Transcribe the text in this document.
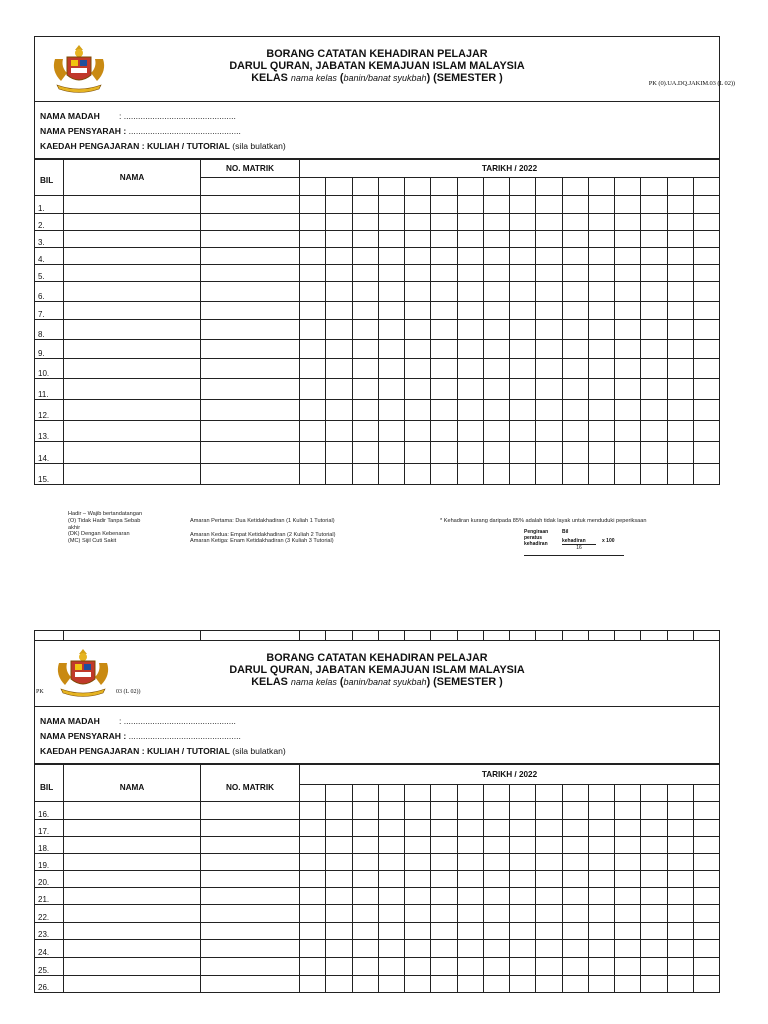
BORANG CATATAN KEHADIRAN PELAJAR
DARUL QURAN, JABATAN KEMAJUAN ISLAM MALAYSIA
KELAS nama kelas (banin/banat syukbah) (SEMESTER )	PK (0).UA.DQ.JAKIM.03 (L 02))
NAMA MADAH : ...............................................
NAMA PENSYARAH : ...............................................
KAEDAH PENGAJARAN : KULIAH / TUTORIAL (sila bulatkan)
BIL	NAMA	NO. MATRIK	TARIKH / 2022															

1.																		
2.																		
3.																		
4.																		
5.																		
6.																		
7.																		
8.																		
9.																		
10.																		
11.																		
12.																		
13.																		
14.																		
15.																		
Hadir – Wajib bertandatangan
(O) Tidak Hadir Tanpa Sebab
akhir
(DK) Dengan Kebenaran
(MC) Sijil Cuti Sakit
Amaran Pertama: Dua Ketidakhadiran (1 Kuliah 1 Tutorial)
Amaran Kedua: Empat Ketidakhadiran (2 Kuliah 2 Tutorial)
Amaran Ketiga: Enam Ketidakhadiran (3 Kuliah 3 Tutorial)
* Kehadiran kurang daripada 85% adalah tidak layak untuk menduduki peperiksaan
Pengiraan
peratus
kehadiran
Bil
kehadiran
16
x 100

PK	03 (L 02))
BORANG CATATAN KEHADIRAN PELAJAR
DARUL QURAN, JABATAN KEMAJUAN ISLAM MALAYSIA
KELAS nama kelas (banin/banat syukbah) (SEMESTER )
NAMA MADAH : ...............................................
NAMA PENSYARAH : ...............................................
KAEDAH PENGAJARAN : KULIAH / TUTORIAL (sila bulatkan)
BIL	NAMA	NO. MATRIK	TARIKH / 2022															

16.																		
17.																		
18.																		
19.																		
20.																		
21.																		
22.																		
23.																		
24.																		
25.																		
26.																		
